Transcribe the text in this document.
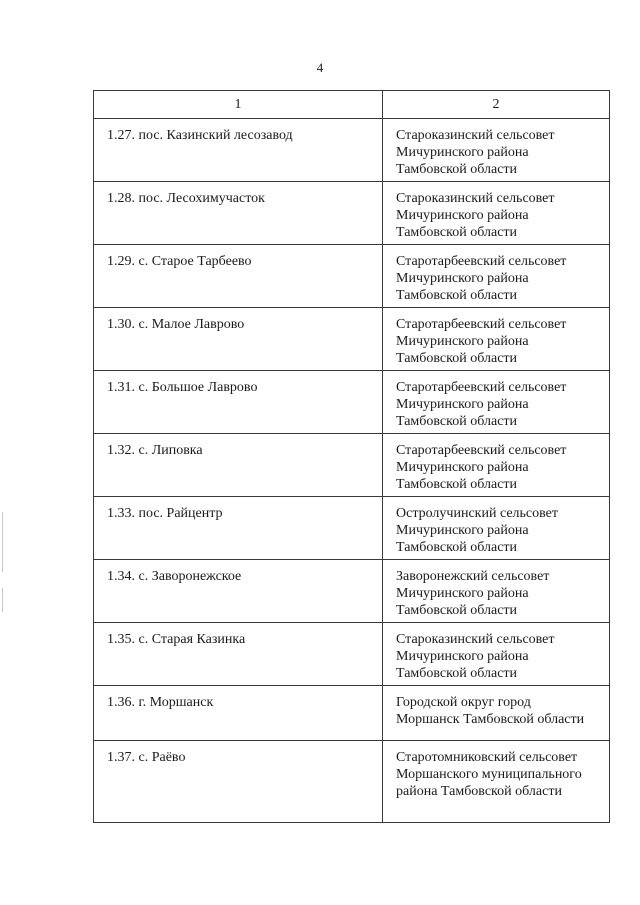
4
1	2
1.27. пос. Казинский лесозавод	Староказинский сельсовет
Мичуринского района
Тамбовской области

1.28. пос. Лесохимучасток	Староказинский сельсовет
Мичуринского района
Тамбовской области

1.29. с. Старое Тарбеево	Старотарбеевский сельсовет
Мичуринского района
Тамбовской области

1.30. с. Малое Лаврово	Старотарбеевский сельсовет
Мичуринского района
Тамбовской области

1.31. с. Большое Лаврово	Старотарбеевский сельсовет
Мичуринского района
Тамбовской области

1.32. с. Липовка	Старотарбеевский сельсовет
Мичуринского района
Тамбовской области

1.33. пос. Райцентр	Остролучинский сельсовет
Мичуринского района
Тамбовской области

1.34. с. Заворонежское	Заворонежский сельсовет
Мичуринского района
Тамбовской области

1.35. с. Старая Казинка	Староказинский сельсовет
Мичуринского района
Тамбовской области

1.36. г. Моршанск	Городской округ город
Моршанск Тамбовской области

1.37. с. Раёво	Старотомниковский сельсовет
Моршанского муниципального
района Тамбовской области
